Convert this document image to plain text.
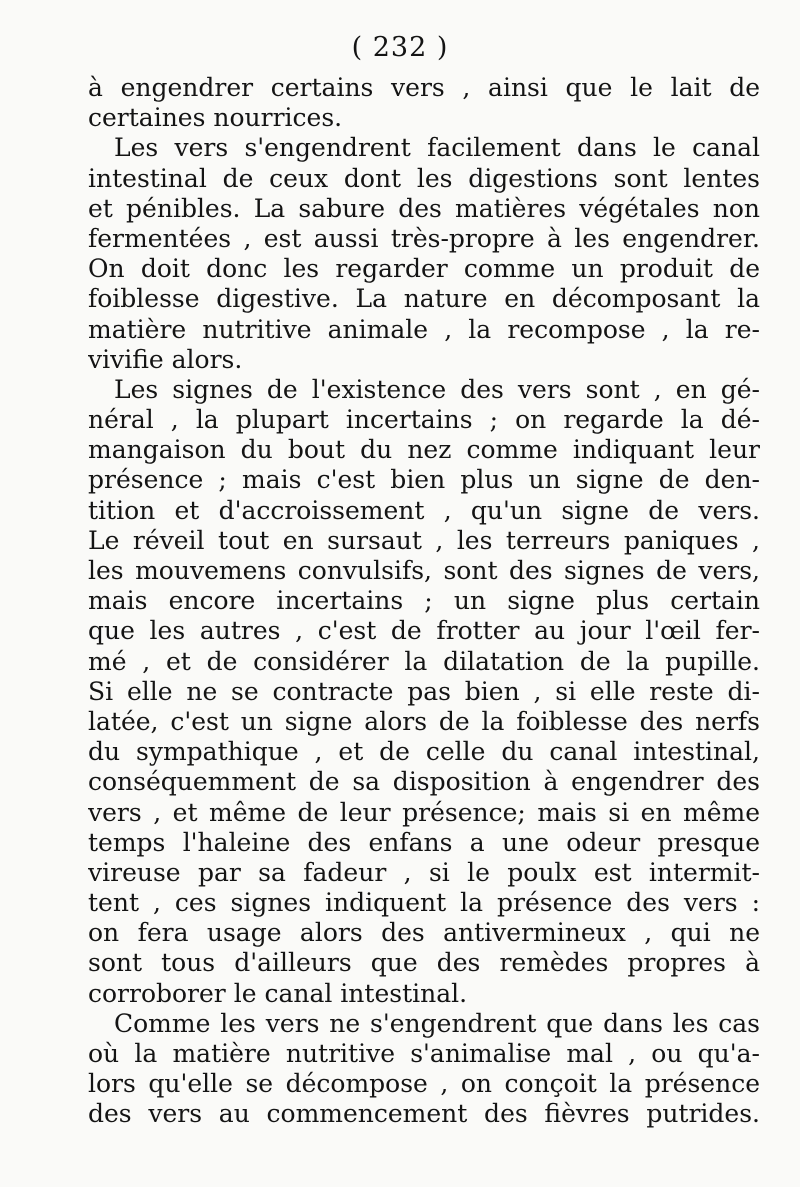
( 232 )
à engendrer certains vers , ainsi que le lait de
certaines nourrices.
Les vers s'engendrent facilement dans le canal
intestinal de ceux dont les digestions sont lentes
et pénibles. La sabure des matières végétales non
fermentées , est aussi très-propre à les engendrer.
On doit donc les regarder comme un produit de
foiblesse digestive. La nature en décomposant la
matière nutritive animale , la recompose , la re-
vivifie alors.
Les signes de l'existence des vers sont , en gé-
néral , la plupart incertains ; on regarde la dé-
mangaison du bout du nez comme indiquant leur
présence ; mais c'est bien plus un signe de den-
tition et d'accroissement , qu'un signe de vers.
Le réveil tout en sursaut , les terreurs paniques ,
les mouvemens convulsifs, sont des signes de vers,
mais encore incertains ; un signe plus certain
que les autres , c'est de frotter au jour l'œil fer-
mé , et de considérer la dilatation de la pupille.
Si elle ne se contracte pas bien , si elle reste di-
latée, c'est un signe alors de la foiblesse des nerfs
du sympathique , et de celle du canal intestinal,
conséquemment de sa disposition à engendrer des
vers , et même de leur présence; mais si en même
temps l'haleine des enfans a une odeur presque
vireuse par sa fadeur , si le poulx est intermit-
tent , ces signes indiquent la présence des vers :
on fera usage alors des antivermineux , qui ne
sont tous d'ailleurs que des remèdes propres à
corroborer le canal intestinal.
Comme les vers ne s'engendrent que dans les cas
où la matière nutritive s'animalise mal , ou qu'a-
lors qu'elle se décompose , on conçoit la présence
des vers au commencement des fièvres putrides.
